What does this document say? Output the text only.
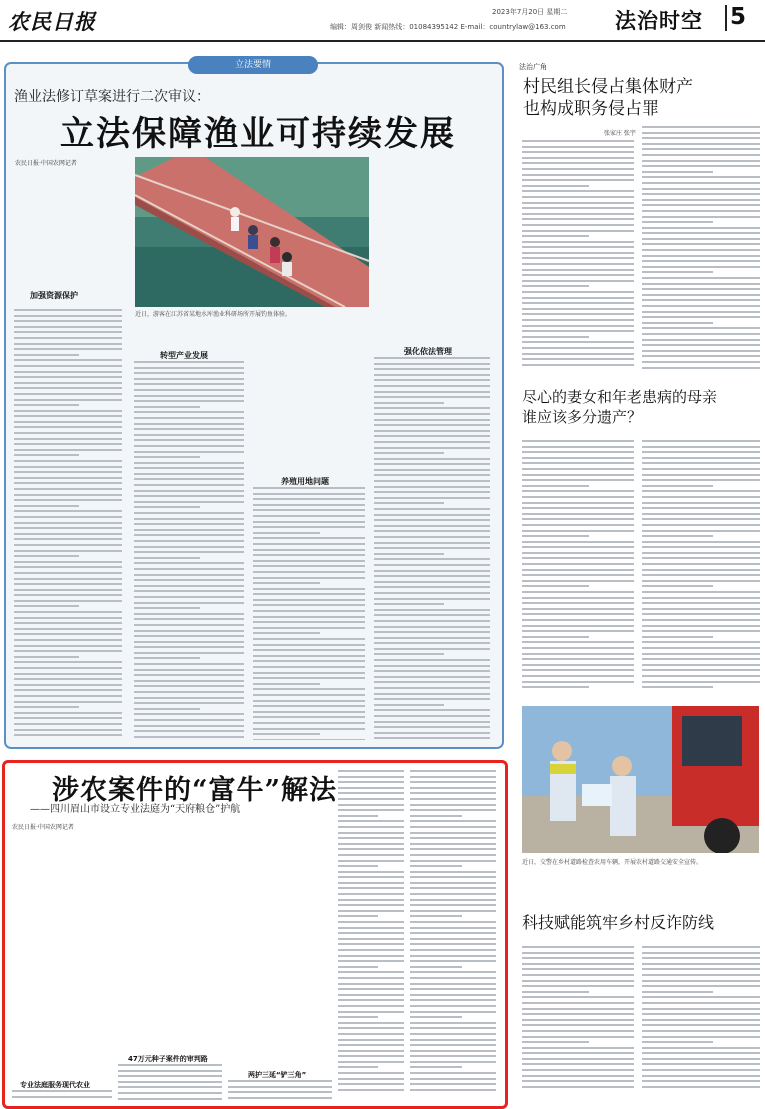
农民日报	2023年7月20日 星期二
编辑：周剑俊 新闻热线：01084395142 E-mail：countrylaw@163.com 法治时空 5
立法要情
渔业法修订草案进行二次审议：
立法保障渔业可持续发展
农民日报·中国农网记者
近日，游客在江苏省某地水库渔业科研场所开展钓鱼体验。
加强资源保护
转型产业发展
养殖用地问题
强化依法管理
涉农案件的“富牛”解法
——四川眉山市设立专业法庭为“天府粮仓”护航
农民日报·中国农网记者
专业法庭服务现代农业
47万元种子案件的审判路
两护三延“铲三角”
法治广角
村民组长侵占集体财产
也构成职务侵占罪
张家庄 张宇
尽心的妻女和年老患病的母亲
谁应该多分遗产？
近日，交警在乡村道路检查农用车辆，开展农村道路交通安全宣传。
科技赋能筑牢乡村反诈防线
